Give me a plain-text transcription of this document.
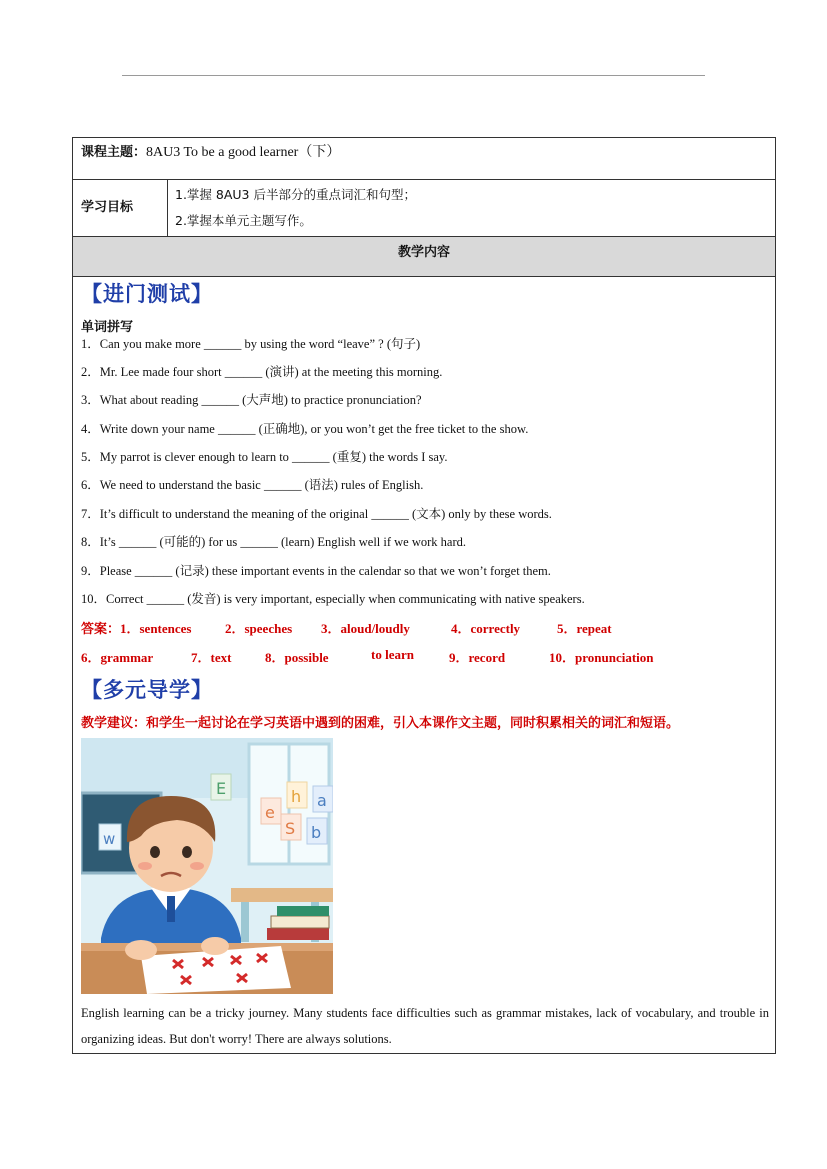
课程主题：8AU3 To be a good learner（下）
学习目标
1.掌握 8AU3 后半部分的重点词汇和句型；
2.掌握本单元主题写作。
教学内容
【进门测试】
单词拼写
1．Can you make more ______ by using the word “leave” ? (句子)
2．Mr. Lee made four short ______ (演讲) at the meeting this morning.
3．What about reading ______ (大声地) to practice pronunciation?
4．Write down your name ______ (正确地), or you won’t get the free ticket to the show.
5．My parrot is clever enough to learn to ______ (重复) the words I say.
6．We need to understand the basic ______ (语法) rules of English.
7．It’s difficult to understand the meaning of the original ______ (文本) only by these words.
8．It’s ______ (可能的) for us ______ (learn) English well if we work hard.
9．Please ______ (记录) these important events in the calendar so that we won’t forget them.
10．Correct ______ (发音) is very important, especially when communicating with native speakers.
答案：1．sentences	2．speeches 3．aloud/loudly	4．correctly	5．repeat
6．grammar	7．text	8．possible	to learn	9．record	10．pronunciation
【多元导学】
教学建议：和学生一起讨论在学习英语中遇到的困难，引入本课作文主题，同时积累相关的词汇和短语。
E
e
h a
S b
w
English learning can be a tricky journey. Many students face difficulties such as grammar mistakes, lack of vocabulary, and trouble in organizing ideas. But don't worry! There are always solutions.
